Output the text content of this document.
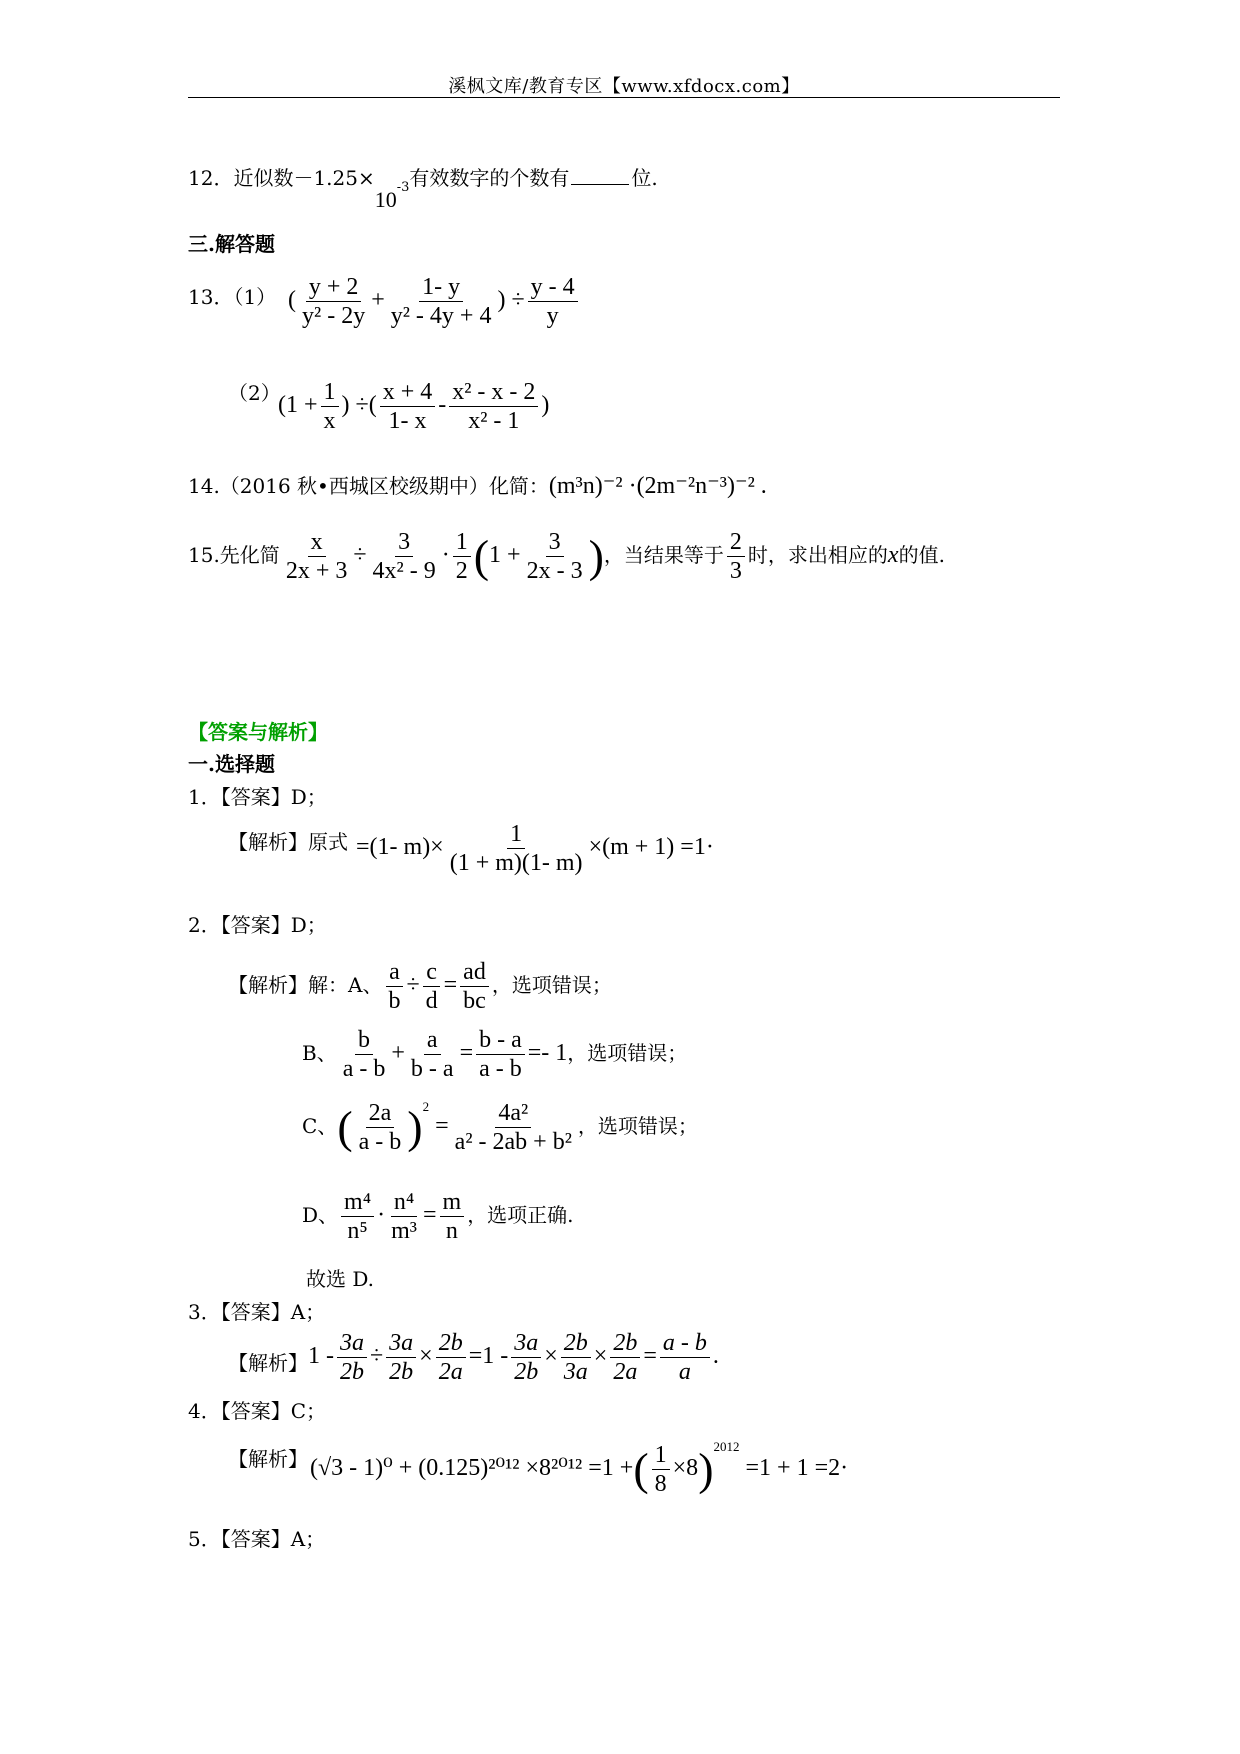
溪枫文库/教育专区【www.xfdocx.com】
12．近似数$-1.25\times 10^{-3}$有效数字的个数有	位.
三.解答题
13．（1） ( $\frac{y + 2}{\text{y² - 2y}} + \frac{1- y}{\text{y² - 4y + 4}}$ ) ÷ $\frac{y - 4}{y}$
（2）
($1 + \frac{1}{x}$ ) ÷( $\frac{x + 4}{1- x} - \frac{\text{x² - x - 2}}{\text{x² - 1}}$ )
14.（2016 秋•西城区校级期中）化简：(m³n)⁻² ·(2m⁻²n⁻³)⁻² .
15.先化简 $\frac{x}{2x + 3} \div \frac{3}{\text{4x² - 9}} \cdot \frac{1}{2} (1 + \frac{3}{2x - 3}$ )，当结果等于 $\frac{2}{3}$ 时，求出相应的x的值.
【答案与解析】
一.选择题
1．【答案】D；
【解析】原式 =(1- $m)\times \frac{1}{(1 + m)(1- m)} \times(m + 1) =1\cdot$
2．【答案】D；
【解析】解：A、 $\frac{a}{b} \div \frac{c}{d} = \frac{ad}{bc}$ ，选项错误；
B、 $\frac{b}{a - b} + \frac{a}{b - a} = \frac{b - a}{a - b} =- 1$，选项错误；
C、( $\frac{2a}{a - b} )^2 = \frac{\text{4a²}}{\text{a² - 2ab + b²}}$ ，选项错误；
D、 $\frac{\text{m⁴}}{\text{n⁵}} \cdot \frac{\text{n⁴}}{\text{m³}} = \frac{m}{n}$ ，选项正确.
故选 D.
3．【答案】A；
【解析】 $1 - \frac{3a}{2b} \div \frac{3a}{2b} \times \frac{2b}{2a} =1 - \frac{3a}{2b} \times \frac{2b}{3a} \times \frac{2b}{2a} = \frac{a - b}{a}$ .
4．【答案】C；
【解析】 (√3 - 1)⁰ + (0.125)²⁰¹² ×8²⁰¹² =1 +( $\frac{1}{8} \times 8)^{2012} =1 + 1 =2\cdot$
5．【答案】A；
